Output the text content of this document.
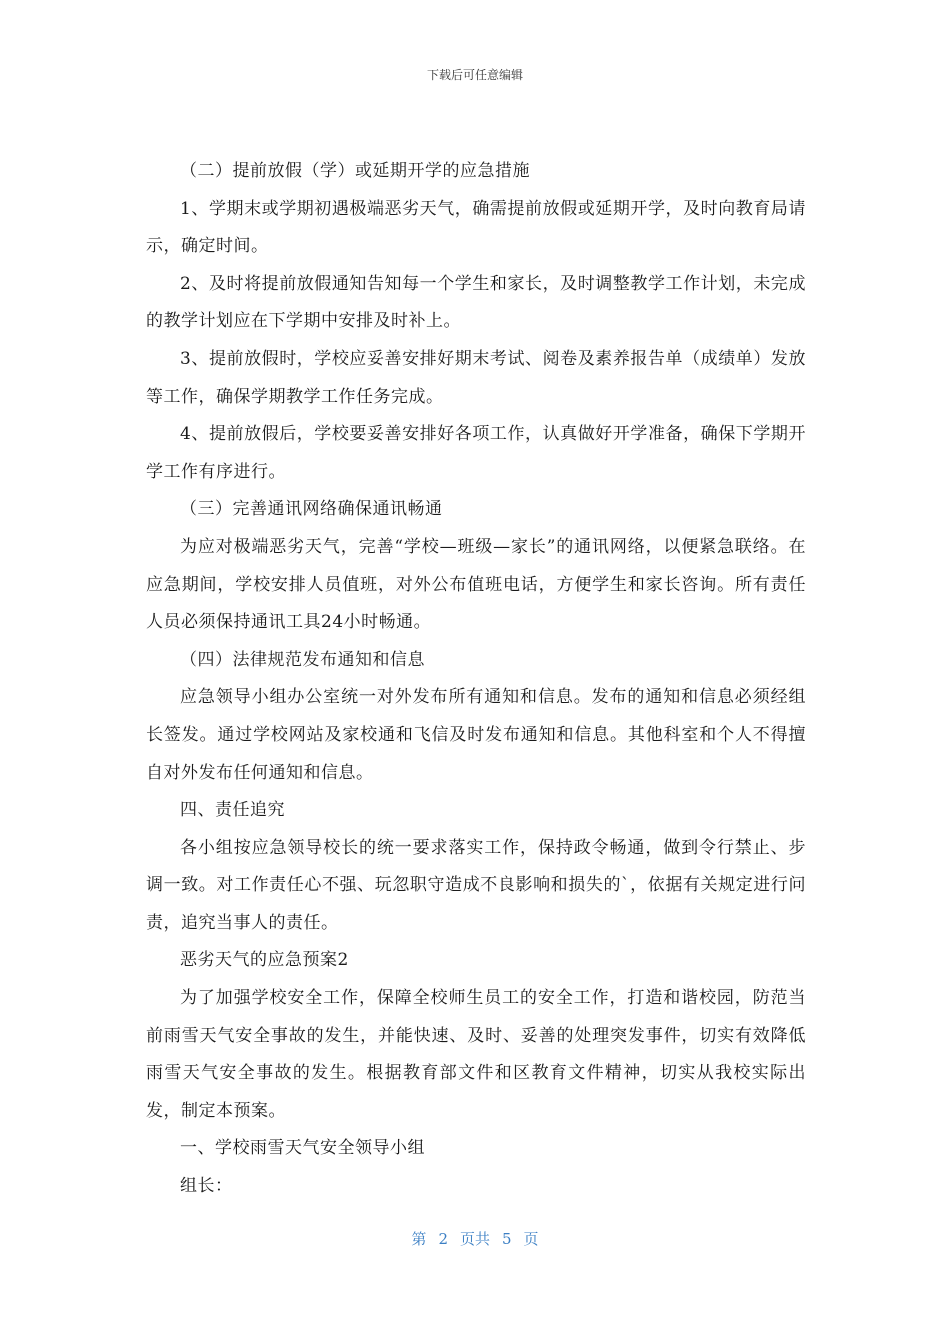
下载后可任意编辑

（二）提前放假（学）或延期开学的应急措施

1、学期末或学期初遇极端恶劣天气，确需提前放假或延期开学，及时向教育局请示，确定时间。

2、及时将提前放假通知告知每一个学生和家长，及时调整教学工作计划，未完成的教学计划应在下学期中安排及时补上。

3、提前放假时，学校应妥善安排好期末考试、阅卷及素养报告单（成绩单）发放等工作，确保学期教学工作任务完成。

4、提前放假后，学校要妥善安排好各项工作，认真做好开学准备，确保下学期开学工作有序进行。

（三）完善通讯网络确保通讯畅通

为应对极端恶劣天气，完善“学校—班级—家长”的通讯网络，以便紧急联络。在应急期间，学校安排人员值班，对外公布值班电话，方便学生和家长咨询。所有责任人员必须保持通讯工具24小时畅通。

（四）法律规范发布通知和信息

应急领导小组办公室统一对外发布所有通知和信息。发布的通知和信息必须经组长签发。通过学校网站及家校通和飞信及时发布通知和信息。其他科室和个人不得擅自对外发布任何通知和信息。

四、责任追究

各小组按应急领导校长的统一要求落实工作，保持政令畅通，做到令行禁止、步调一致。对工作责任心不强、玩忽职守造成不良影响和损失的`，依据有关规定进行问责，追究当事人的责任。

恶劣天气的应急预案2

为了加强学校安全工作，保障全校师生员工的安全工作，打造和谐校园，防范当前雨雪天气安全事故的发生，并能快速、及时、妥善的处理突发事件，切实有效降低雨雪天气安全事故的发生。根据教育部文件和区教育文件精神，切实从我校实际出发，制定本预案。

一、学校雨雪天气安全领导小组

组长：

第 2 页共 5 页
